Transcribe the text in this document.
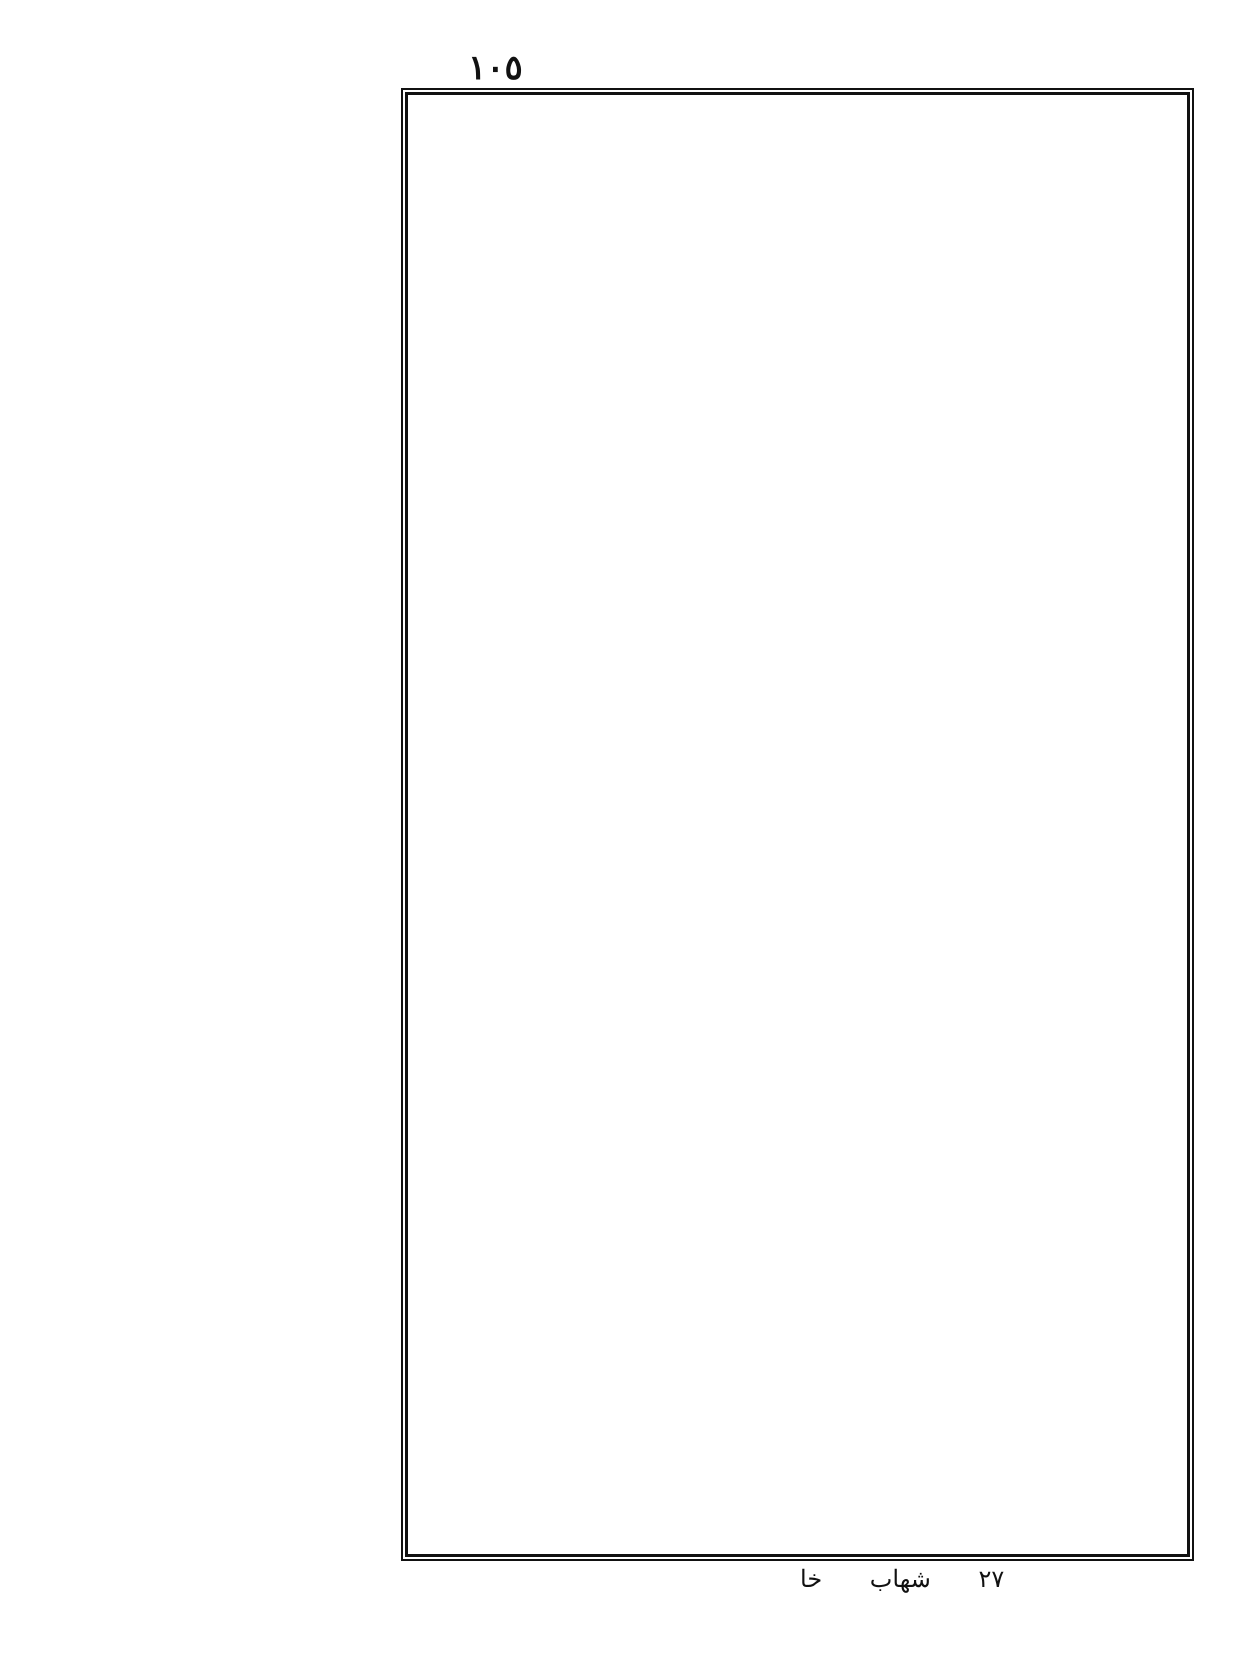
١٠٥
٢٧ شهاب خا
